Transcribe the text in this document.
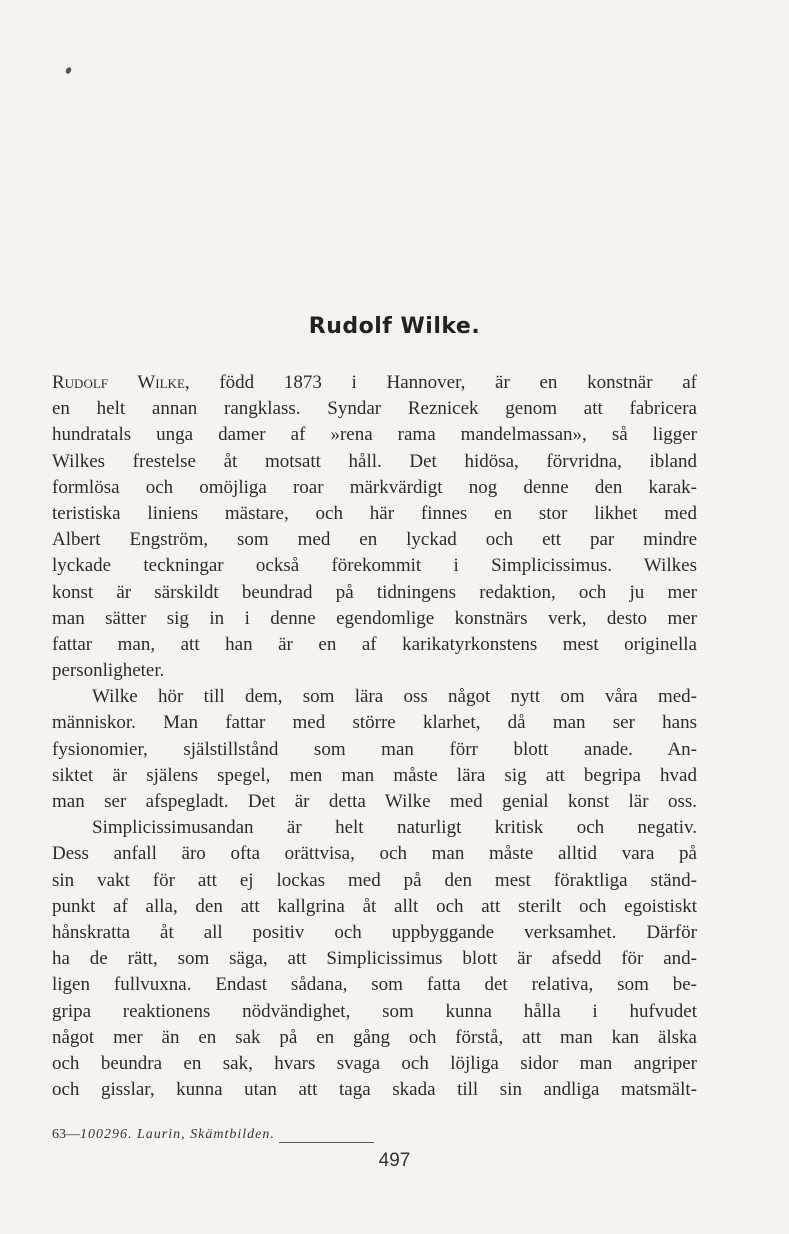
Rudolf Wilke.
Rudolf Wilke, född 1873 i Hannover, är en konstnär af
en helt annan rangklass. Syndar Reznicek genom att fabricera
hundratals unga damer af »rena rama mandelmassan», så ligger
Wilkes frestelse åt motsatt håll. Det hidösa, förvridna, ibland
formlösa och omöjliga roar märkvärdigt nog denne den karak-
teristiska liniens mästare, och här finnes en stor likhet med
Albert Engström, som med en lyckad och ett par mindre
lyckade teckningar också förekommit i Simplicissimus. Wilkes
konst är särskildt beundrad på tidningens redaktion, och ju mer
man sätter sig in i denne egendomlige konstnärs verk, desto mer
fattar man, att han är en af karikatyrkonstens mest originella
personligheter.
Wilke hör till dem, som lära oss något nytt om våra med-
människor. Man fattar med större klarhet, då man ser hans
fysionomier, själstillstånd som man förr blott anade. An-
siktet är själens spegel, men man måste lära sig att begripa hvad
man ser afspegladt. Det är detta Wilke med genial konst lär oss.
Simplicissimusandan är helt naturligt kritisk och negativ.
Dess anfall äro ofta orättvisa, och man måste alltid vara på
sin vakt för att ej lockas med på den mest föraktliga ständ-
punkt af alla, den att kallgrina åt allt och att sterilt och egoistiskt
hånskratta åt all positiv och uppbyggande verksamhet. Därför
ha de rätt, som säga, att Simplicissimus blott är afsedd för and-
ligen fullvuxna. Endast sådana, som fatta det relativa, som be-
gripa reaktionens nödvändighet, som kunna hålla i hufvudet
något mer än en sak på en gång och förstå, att man kan älska
och beundra en sak, hvars svaga och löjliga sidor man angriper
och gisslar, kunna utan att taga skada till sin andliga matsmält-
63— 100296. Laurin, Skämtbilden.
497
